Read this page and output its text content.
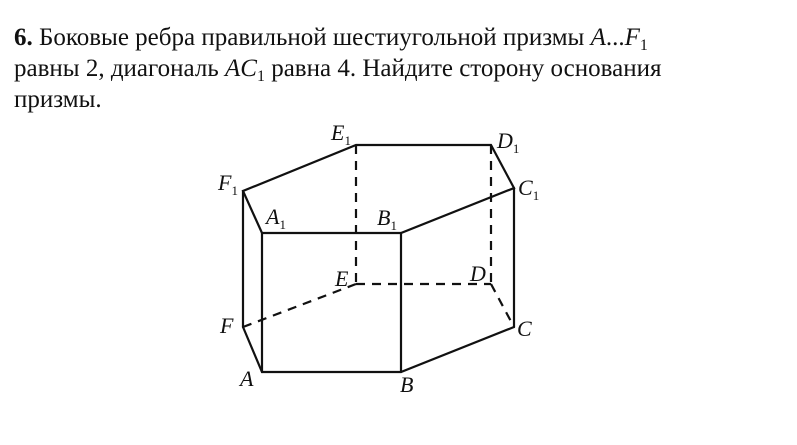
6. Боковые ребра правильной шестиугольной призмы $A...F_1$
равны 2, диагональ $AC_1$ равна 4. Найдите сторону основания
призмы.
$E_1$	$D_1$
$F_1$	$C_1$
$A_1$	$B_1$
E	D
F	C
A	B
